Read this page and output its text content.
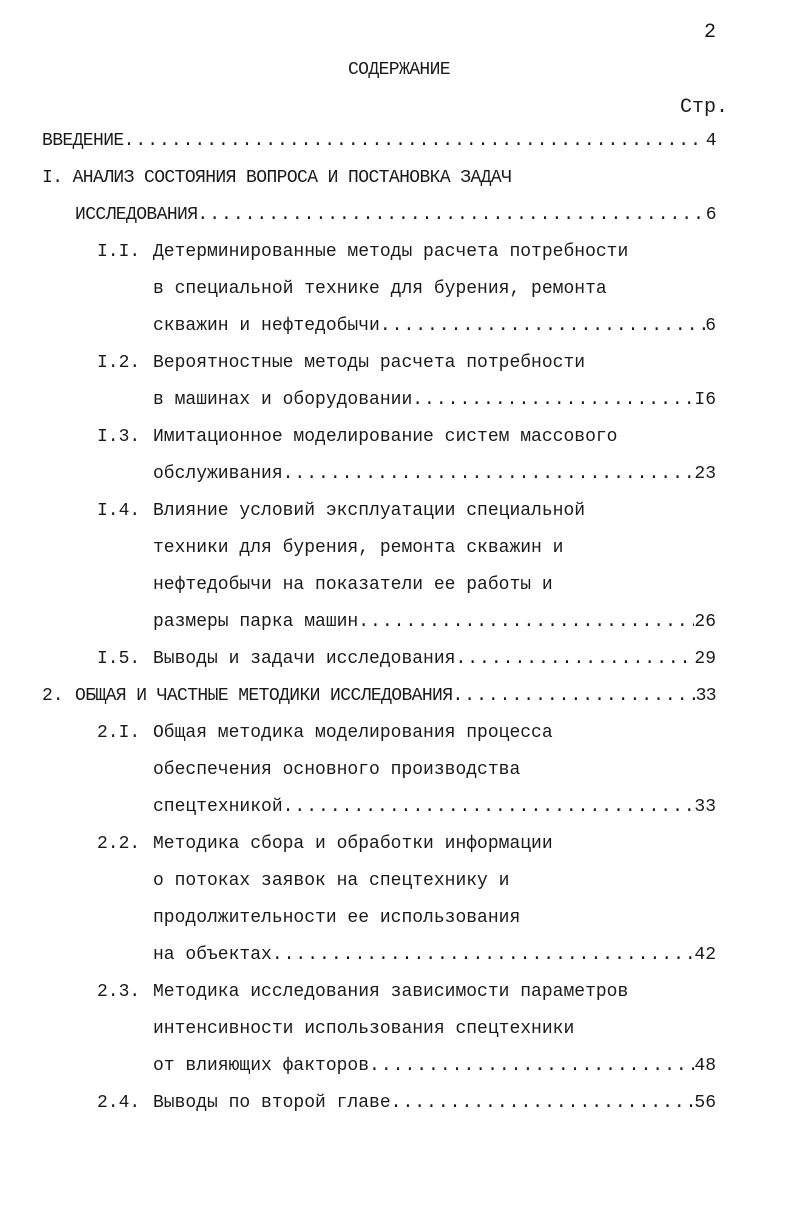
2
СОДЕРЖАНИЕ
Стр.
ВВЕДЕНИЕ .....	4
I. АНАЛИЗ СОСТОЯНИЯ ВОПРОСА И ПОСТАНОВКА ЗАДАЧ
ИССЛЕДОВАНИЯ .....	6
I.I. Детерминированные методы расчета потребности
в специальной технике для бурения, ремонта
скважин и нефтедобычи .....	6
I.2. Вероятностные методы расчета потребности
в машинах и оборудовании .....	I6
I.3. Имитационное моделирование систем массового
обслуживания .....	23
I.4. Влияние условий эксплуатации специальной
техники для бурения, ремонта скважин и
нефтедобычи на показатели ее работы и
размеры парка машин .....	26
I.5. Выводы и задачи исследования .....	29
2. ОБЩАЯ И ЧАСТНЫЕ МЕТОДИКИ ИССЛЕДОВАНИЯ .....	33
2.I. Общая методика моделирования процесса
обеспечения основного производства
спецтехникой .....	33
2.2. Методика сбора и обработки информации
о потоках заявок на спецтехнику и
продолжительности ее использования
на объектах .....	42
2.3. Методика исследования зависимости параметров
интенсивности использования спецтехники
от влияющих факторов .....	48
2.4. Выводы по второй главе .....	56
